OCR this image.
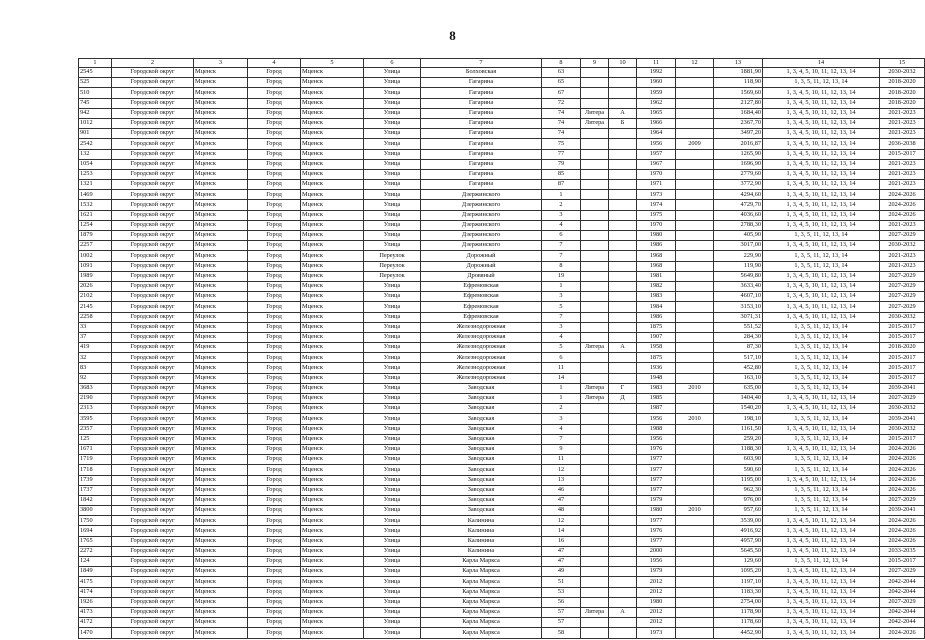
8
1	2	3	4	5	6	7	8	9	10	11	12	13	14	15
2545	Городской округ	Мценск	Город	Мценск	Улица	Болховская	63			1992		1881,90	1, 3, 4, 5, 10, 11, 12, 13, 14	2030-2032
525	Городской округ	Мценск	Город	Мценск	Улица	Гагарина	65			1960		118,90	1, 3, 5, 11, 12, 13, 14	2018-2020
510	Городской округ	Мценск	Город	Мценск	Улица	Гагарина	67			1959		1569,60	1, 3, 4, 5, 10, 11, 12, 13, 14	2018-2020
745	Городской округ	Мценск	Город	Мценск	Улица	Гагарина	72			1962		2127,80	1, 3, 4, 5, 10, 11, 12, 13, 14	2018-2020
942	Городской округ	Мценск	Город	Мценск	Улица	Гагарина	74	Литера	А	1965		1684,40	1, 3, 4, 5, 10, 11, 12, 13, 14	2021-2023
1012	Городской округ	Мценск	Город	Мценск	Улица	Гагарина	74	Литера	Б	1966		2367,70	1, 3, 4, 5, 10, 11, 12, 13, 14	2021-2023
901	Городской округ	Мценск	Город	Мценск	Улица	Гагарина	74			1964		3497,20	1, 3, 4, 5, 10, 11, 12, 13, 14	2021-2023
2542	Городской округ	Мценск	Город	Мценск	Улица	Гагарина	75			1956	2009	2016,87	1, 3, 4, 5, 10, 11, 12, 13, 14	2036-2038
132	Городской округ	Мценск	Город	Мценск	Улица	Гагарина	77			1957		1265,90	1, 3, 4, 5, 10, 11, 12, 13, 14	2015-2017
1054	Городской округ	Мценск	Город	Мценск	Улица	Гагарина	79			1967		1696,90	1, 3, 4, 5, 10, 11, 12, 13, 14	2021-2023
1253	Городской округ	Мценск	Город	Мценск	Улица	Гагарина	85			1970		2779,60	1, 3, 4, 5, 10, 11, 12, 13, 14	2021-2023
1321	Городской округ	Мценск	Город	Мценск	Улица	Гагарина	87			1971		3772,90	1, 3, 4, 5, 10, 11, 12, 13, 14	2021-2023
1469	Городской округ	Мценск	Город	Мценск	Улица	Дзержинского	1			1973		4294,60	1, 3, 4, 5, 10, 11, 12, 13, 14	2024-2026
1532	Городской округ	Мценск	Город	Мценск	Улица	Дзержинского	2			1974		4729,70	1, 3, 4, 5, 10, 11, 12, 13, 14	2024-2026
1621	Городской округ	Мценск	Город	Мценск	Улица	Дзержинского	3			1975		4036,60	1, 3, 4, 5, 10, 11, 12, 13, 14	2024-2026
1254	Городской округ	Мценск	Город	Мценск	Улица	Дзержинского	4			1970		2788,30	1, 3, 4, 5, 10, 11, 12, 13, 14	2021-2023
1879	Городской округ	Мценск	Город	Мценск	Улица	Дзержинского	6			1980		405,90	1, 3, 5, 11, 12, 13, 14	2027-2029
2257	Городской округ	Мценск	Город	Мценск	Улица	Дзержинского	7			1986		3017,00	1, 3, 4, 5, 10, 11, 12, 13, 14	2030-2032
1002	Городской округ	Мценск	Город	Мценск	Переулок	Дорожный	7			1968		229,90	1, 3, 5, 11, 12, 13, 14	2021-2023
1091	Городской округ	Мценск	Город	Мценск	Переулок	Дорожный	8			1968		119,90	1, 3, 5, 11, 12, 13, 14	2021-2023
1989	Городской округ	Мценск	Город	Мценск	Переулок	Дровяный	19			1981		5649,80	1, 3, 4, 5, 10, 11, 12, 13, 14	2027-2029
2026	Городской округ	Мценск	Город	Мценск	Улица	Ефремовская	1			1982		3633,40	1, 3, 4, 5, 10, 11, 12, 13, 14	2027-2029
2102	Городской округ	Мценск	Город	Мценск	Улица	Ефремовская	3			1983		4607,10	1, 3, 4, 5, 10, 11, 12, 13, 14	2027-2029
2145	Городской округ	Мценск	Город	Мценск	Улица	Ефремовская	5			1984		3153,10	1, 3, 4, 5, 10, 11, 12, 13, 14	2027-2029
2258	Городской округ	Мценск	Город	Мценск	Улица	Ефремовская	7			1986		3071,31	1, 3, 4, 5, 10, 11, 12, 13, 14	2030-2032
33	Городской округ	Мценск	Город	Мценск	Улица	Железнодорожная	3			1875		551,52	1, 3, 5, 11, 12, 13, 14	2015-2017
37	Городской округ	Мценск	Город	Мценск	Улица	Железнодорожная	4			1907		284,30	1, 3, 5, 11, 12, 13, 14	2015-2017
419	Городской округ	Мценск	Город	Мценск	Улица	Железнодорожная	5	Литера	А	1958		87,30	1, 3, 5, 11, 12, 13, 14	2018-2020
32	Городской округ	Мценск	Город	Мценск	Улица	Железнодорожная	6			1875		517,10	1, 3, 5, 11, 12, 13, 14	2015-2017
83	Городской округ	Мценск	Город	Мценск	Улица	Железнодорожная	11			1936		452,80	1, 3, 5, 11, 12, 13, 14	2015-2017
92	Городской округ	Мценск	Город	Мценск	Улица	Железнодорожная	14			1948		163,10	1, 3, 5, 11, 12, 13, 14	2015-2017
3683	Городской округ	Мценск	Город	Мценск	Улица	Заводская	1	Литера	Г	1983	2010	635,00	1, 3, 5, 11, 12, 13, 14	2039-2041
2190	Городской округ	Мценск	Город	Мценск	Улица	Заводская	1	Литера	Д	1985		1404,40	1, 3, 4, 5, 10, 11, 12, 13, 14	2027-2029
2313	Городской округ	Мценск	Город	Мценск	Улица	Заводская	2			1987		1540,20	1, 3, 4, 5, 10, 11, 12, 13, 14	2030-2032
3595	Городской округ	Мценск	Город	Мценск	Улица	Заводская	3			1956	2010	198,10	1, 3, 5, 11, 12, 13, 14	2039-2041
2357	Городской округ	Мценск	Город	Мценск	Улица	Заводская	4			1988		1161,50	1, 3, 4, 5, 10, 11, 12, 13, 14	2030-2032
125	Городской округ	Мценск	Город	Мценск	Улица	Заводская	7			1956		259,20	1, 3, 5, 11, 12, 13, 14	2015-2017
1671	Городской округ	Мценск	Город	Мценск	Улица	Заводская	9			1976		1188,30	1, 3, 4, 5, 10, 11, 12, 13, 14	2024-2026
1719	Городской округ	Мценск	Город	Мценск	Улица	Заводская	11			1977		603,90	1, 3, 5, 11, 12, 13, 14	2024-2026
1718	Городской округ	Мценск	Город	Мценск	Улица	Заводская	12			1977		590,60	1, 3, 5, 11, 12, 13, 14	2024-2026
1739	Городской округ	Мценск	Город	Мценск	Улица	Заводская	13			1977		1195,00	1, 3, 4, 5, 10, 11, 12, 13, 14	2024-2026
1737	Городской округ	Мценск	Город	Мценск	Улица	Заводская	46			1977		962,30	1, 3, 5, 11, 12, 13, 14	2024-2026
1842	Городской округ	Мценск	Город	Мценск	Улица	Заводская	47			1979		976,00	1, 3, 5, 11, 12, 13, 14	2027-2029
3800	Городской округ	Мценск	Город	Мценск	Улица	Заводская	48			1980	2010	957,60	1, 3, 5, 11, 12, 13, 14	2039-2041
1750	Городской округ	Мценск	Город	Мценск	Улица	Калинина	12			1977		3539,00	1, 3, 4, 5, 10, 11, 12, 13, 14	2024-2026
1694	Городской округ	Мценск	Город	Мценск	Улица	Калинина	14			1976		4916,92	1, 3, 4, 5, 10, 11, 12, 13, 14	2024-2026
1765	Городской округ	Мценск	Город	Мценск	Улица	Калинина	16			1977		4957,90	1, 3, 4, 5, 10, 11, 12, 13, 14	2024-2026
2272	Городской округ	Мценск	Город	Мценск	Улица	Калинина	47			2000		5645,50	1, 3, 4, 5, 10, 11, 12, 13, 14	2033-2035
124	Городской округ	Мценск	Город	Мценск	Улица	Карла Маркса	47			1956		129,60	1, 3, 5, 11, 12, 13, 14	2015-2017
1849	Городской округ	Мценск	Город	Мценск	Улица	Карла Маркса	49			1979		1095,20	1, 3, 4, 5, 10, 11, 12, 13, 14	2027-2029
4175	Городской округ	Мценск	Город	Мценск	Улица	Карла Маркса	51			2012		1197,10	1, 3, 4, 5, 10, 11, 12, 13, 14	2042-2044
4174	Городской округ	Мценск	Город	Мценск	Улица	Карла Маркса	53			2012		1183,30	1, 3, 4, 5, 10, 11, 12, 13, 14	2042-2044
1926	Городской округ	Мценск	Город	Мценск	Улица	Карла Маркса	56			1980		2754,00	1, 3, 4, 5, 10, 11, 12, 13, 14	2027-2029
4173	Городской округ	Мценск	Город	Мценск	Улица	Карла Маркса	57	Литера	А	2012		1178,90	1, 3, 4, 5, 10, 11, 12, 13, 14	2042-2044
4172	Городской округ	Мценск	Город	Мценск	Улица	Карла Маркса	57			2012		1178,60	1, 3, 4, 5, 10, 11, 12, 13, 14	2042-2044
1470	Городской округ	Мценск	Город	Мценск	Улица	Карла Маркса	58			1973		4452,90	1, 3, 4, 5, 10, 11, 12, 13, 14	2024-2026
